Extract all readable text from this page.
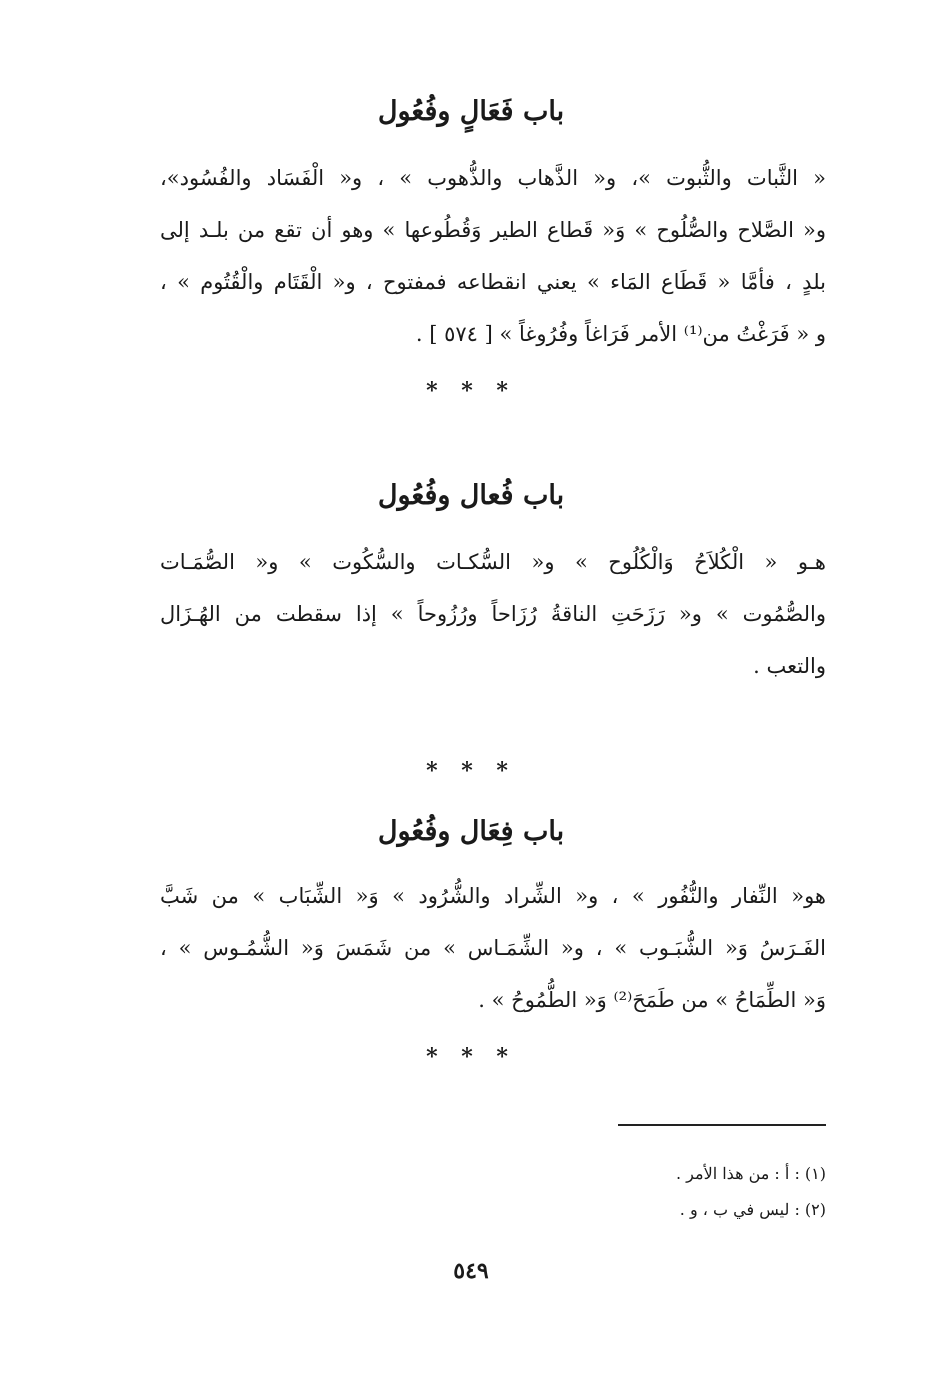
باب فَعَالٍ وفُعُول
« الثَّبات والثُّبوت »، و« الذَّهاب والذُّهوب » ، و« الْفَسَاد والفُسُود»،
و« الصَّلاح والصُّلُوح » وَ« قَطاع الطير وَقُطُوعها » وهو أن تقع من بلـد إلى
بلدٍ ، فأمَّا « قَطَاع المَاء » يعني انقطاعه فمفتوح ، و« الْقَتَام والْقُتُوم » ،
و « فَرَغْتُ من⁽¹⁾ الأمر فَرَاغاً وفُرُوغاً » [ ٥٧٤ ] .
* * *
باب فُعال وفُعُول
هـو « الْكُلاَحُ وَالْكُلُوح » و« السُّكـات والسُّكُوت » و« الصُّمَـات
والصُّمُوت » و« رَزَحَتِ الناقةُ رُزَاحاً ورُزُوحاً » إذا سقطت من الهُـزَال
والتعب .
* * *
باب فِعَال وفُعُول
هو« النِّفار والنُّفُور » ، و« الشِّراد والشُّرُود » وَ« الشِّبَاب » من شَبَّ
الفَـرَسُ وَ« الشُّبَـوب » ، و« الشِّمَـاس » من شَمَسَ وَ« الشُّمُـوس » ،
وَ« الطِّمَاحُ » من طَمَحَ⁽²⁾ وَ« الطُّمُوحُ » .
* * *
(١) : أ : من هذا الأمر .
(٢) : ليس في ب ، و .
٥٤٩
